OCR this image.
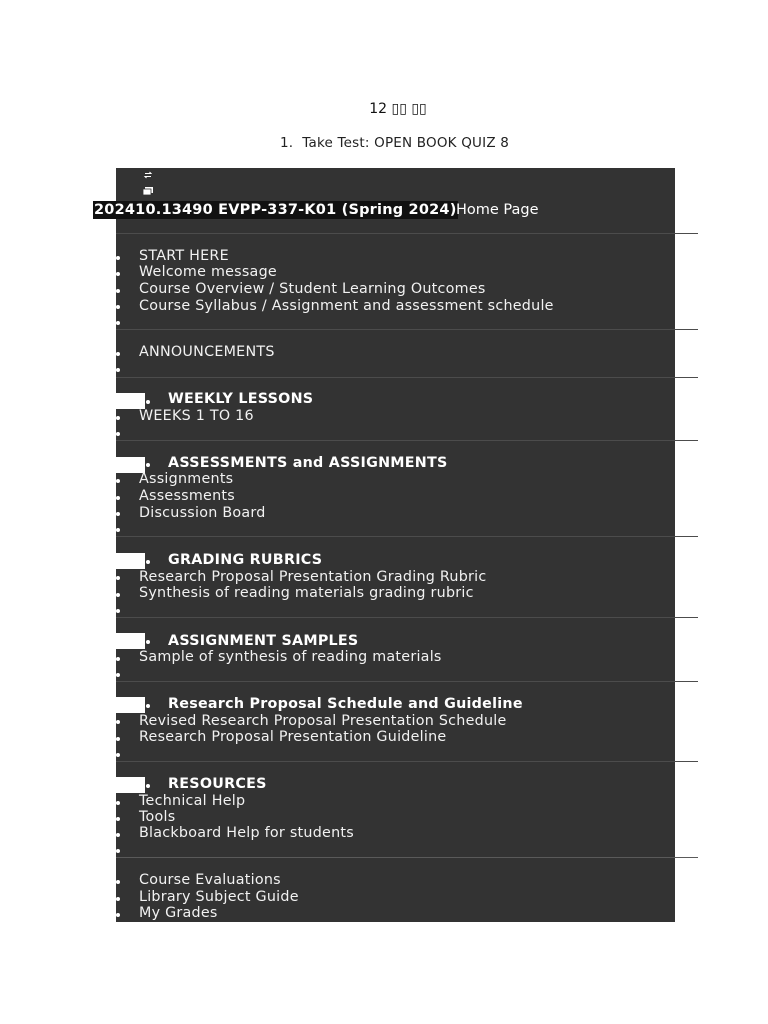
12 ▯▯ ▯▯
1. Take Test: OPEN BOOK QUIZ 8
START HERE
Welcome message
Course Overview / Student Learning Outcomes
Course Syllabus / Assignment and assessment schedule
ANNOUNCEMENTS
WEEKLY LESSONS
WEEKS 1 TO 16
ASSESSMENTS and ASSIGNMENTS
Assignments
Assessments
Discussion Board
GRADING RUBRICS
Research Proposal Presentation Grading Rubric
Synthesis of reading materials grading rubric
ASSIGNMENT SAMPLES
Sample of synthesis of reading materials
Research Proposal Schedule and Guideline
Revised Research Proposal Presentation Schedule
Research Proposal Presentation Guideline
RESOURCES
Technical Help
Tools
Blackboard Help for students
Course Evaluations
Library Subject Guide
My Grades
202410.13490 EVPP-337-K01 (Spring 2024) Home Page
